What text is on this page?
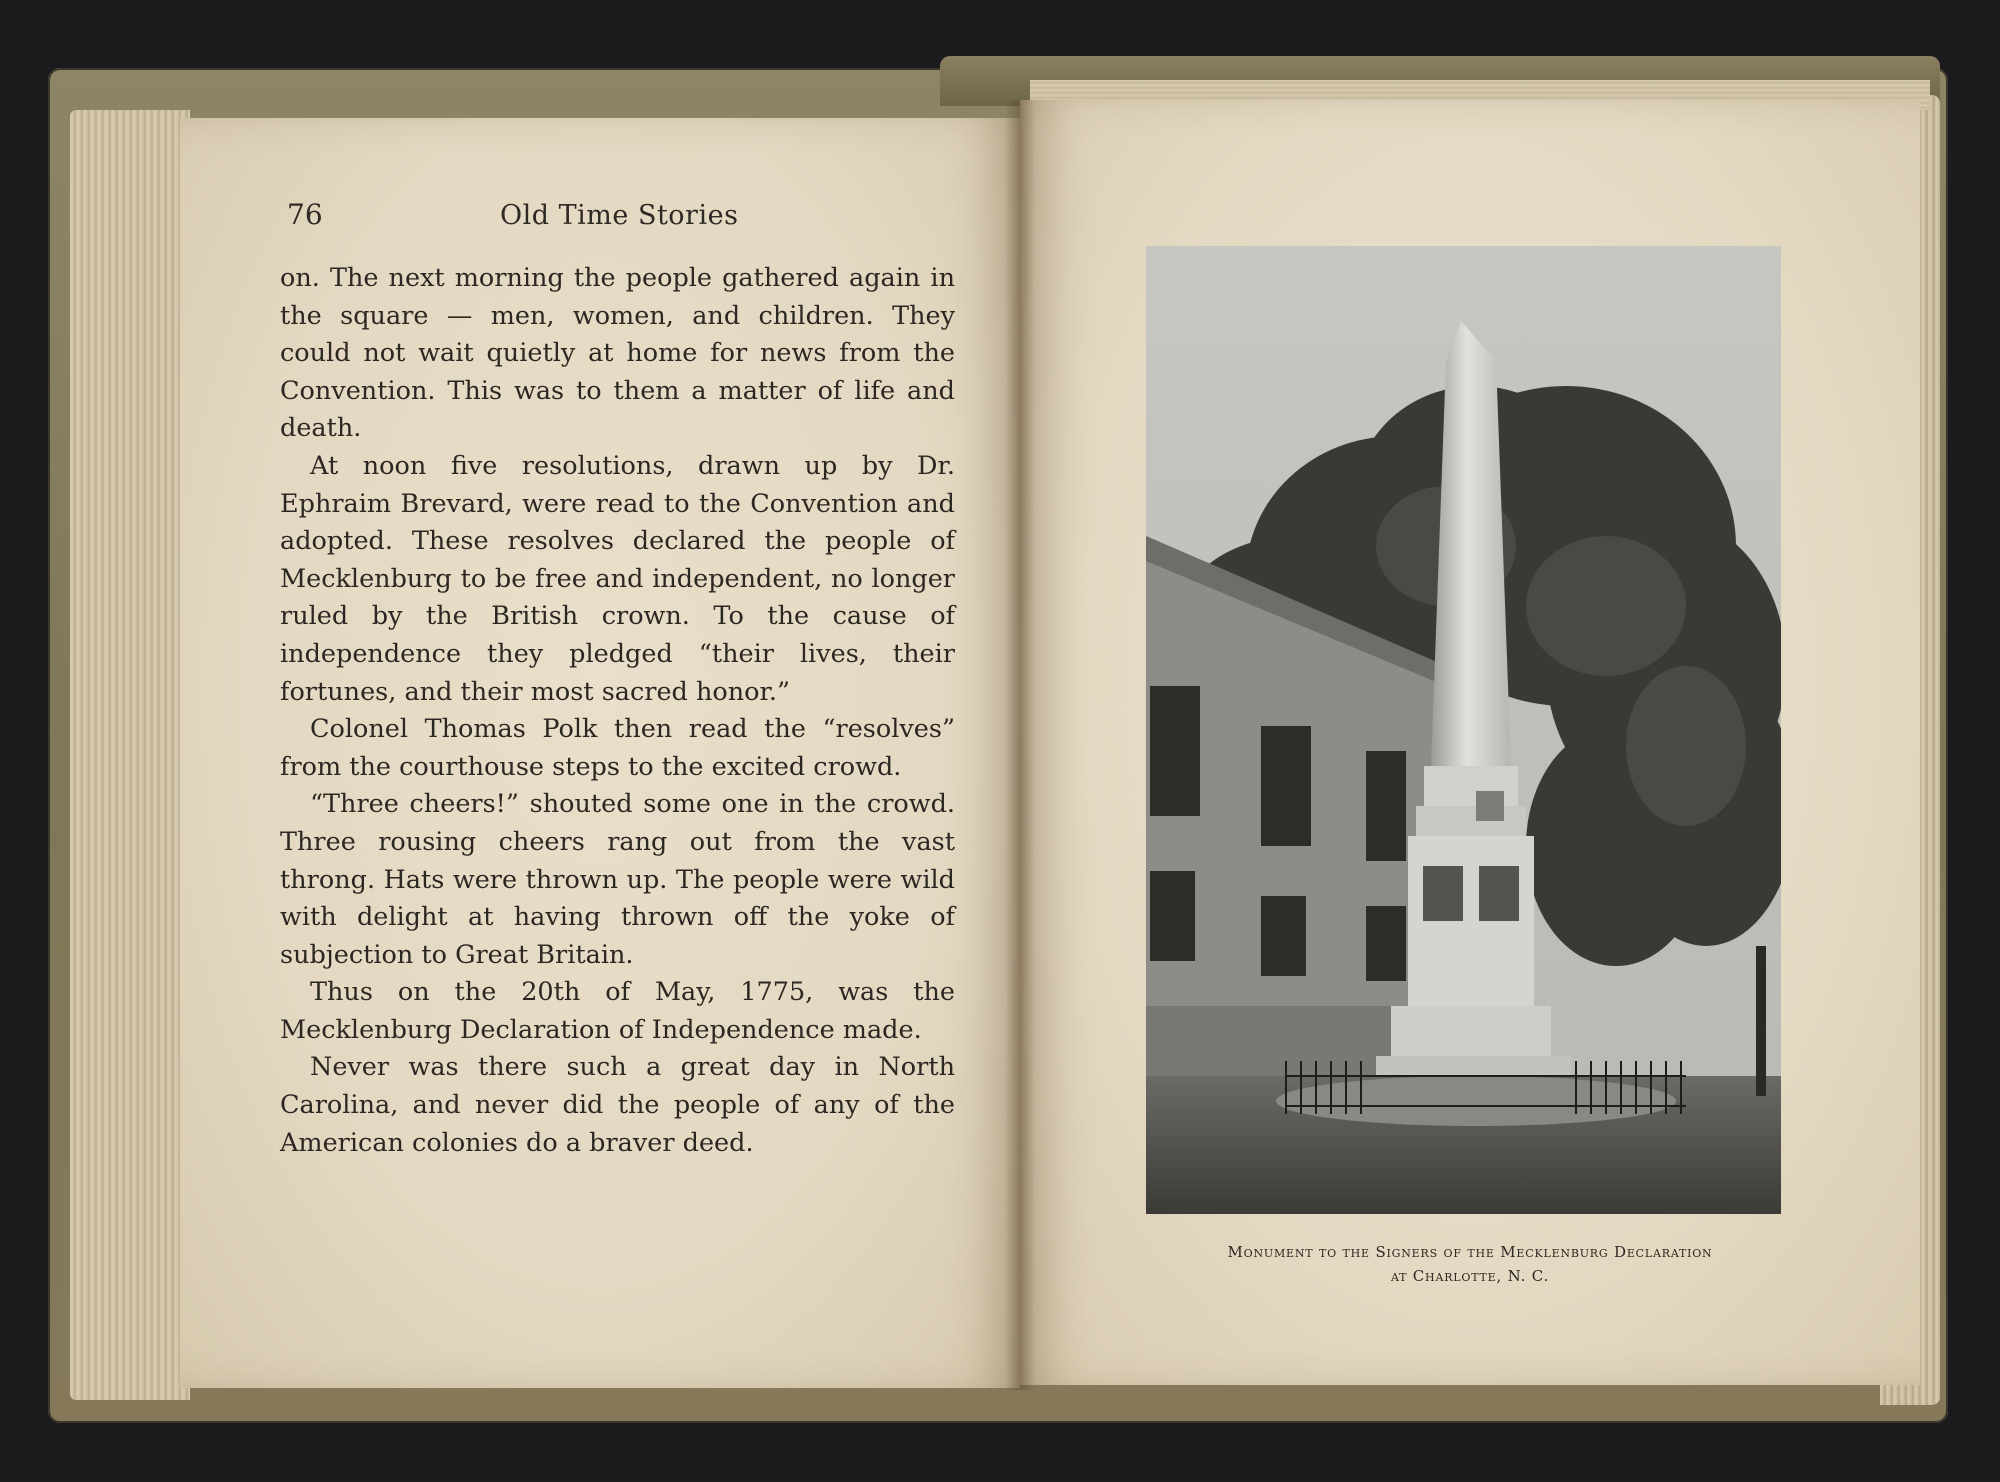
76	Old Time Stories

on. The next morning the people gathered again in the square — men, women, and children. They could not wait quietly at home for news from the Convention. This was to them a matter of life and death.

At noon five resolutions, drawn up by Dr. Ephraim Brevard, were read to the Convention and adopted. These resolves declared the people of Mecklenburg to be free and independent, no longer ruled by the British crown. To the cause of independence they pledged “their lives, their fortunes, and their most sacred honor.”

Colonel Thomas Polk then read the “resolves” from the courthouse steps to the excited crowd.

“Three cheers!” shouted some one in the crowd. Three rousing cheers rang out from the vast throng. Hats were thrown up. The people were wild with delight at having thrown off the yoke of subjection to Great Britain.

Thus on the 20th of May, 1775, was the Mecklenburg Declaration of Independence made.

Never was there such a great day in North Carolina, and never did the people of any of the American colonies do a braver deed.

Monument to the Signers of the Mecklenburg Declaration
at Charlotte, N. C.
